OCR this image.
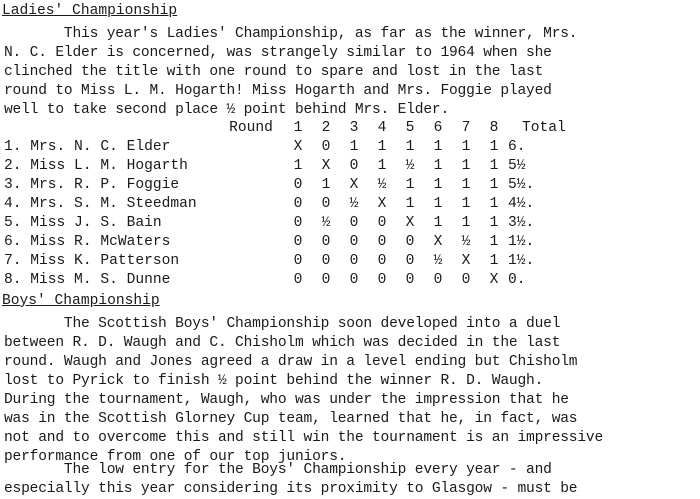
Ladies' Championship

This year's Ladies' Championship, as far as the winner, Mrs.
N. C. Elder is concerned, was strangely similar to 1964 when she
clinched the title with one round to spare and lost in the last
round to Miss L. M. Hogarth! Miss Hogarth and Mrs. Foggie played
well to take second place ½ point behind Mrs. Elder.

Round	1	2	3	4	5	6	7	8	Total
1. Mrs. N. C. Elder	X	0	1	1	1	1	1	1	6.
2. Miss L. M. Hogarth	1	X	0	1	½	1	1	1	5½
3. Mrs. R. P. Foggie	0	1	X	½	1	1	1	1	5½.
4. Mrs. S. M. Steedman	0	0	½	X	1	1	1	1	4½.
5. Miss J. S. Bain	0	½	0	0	X	1	1	1	3½.
6. Miss R. McWaters	0	0	0	0	0	X	½	1	1½.
7. Miss K. Patterson	0	0	0	0	0	½	X	1	1½.
8. Miss M. S. Dunne	0	0	0	0	0	0	0	X	0.
Boys' Championship

The Scottish Boys' Championship soon developed into a duel
between R. D. Waugh and C. Chisholm which was decided in the last
round. Waugh and Jones agreed a draw in a level ending but Chisholm
lost to Pyrick to finish ½ point behind the winner R. D. Waugh.
During the tournament, Waugh, who was under the impression that he
was in the Scottish Glorney Cup team, learned that he, in fact, was
not and to overcome this and still win the tournament is an impressive
performance from one of our top juniors.

The low entry for the Boys' Championship every year - and
especially this year considering its proximity to Glasgow - must be
